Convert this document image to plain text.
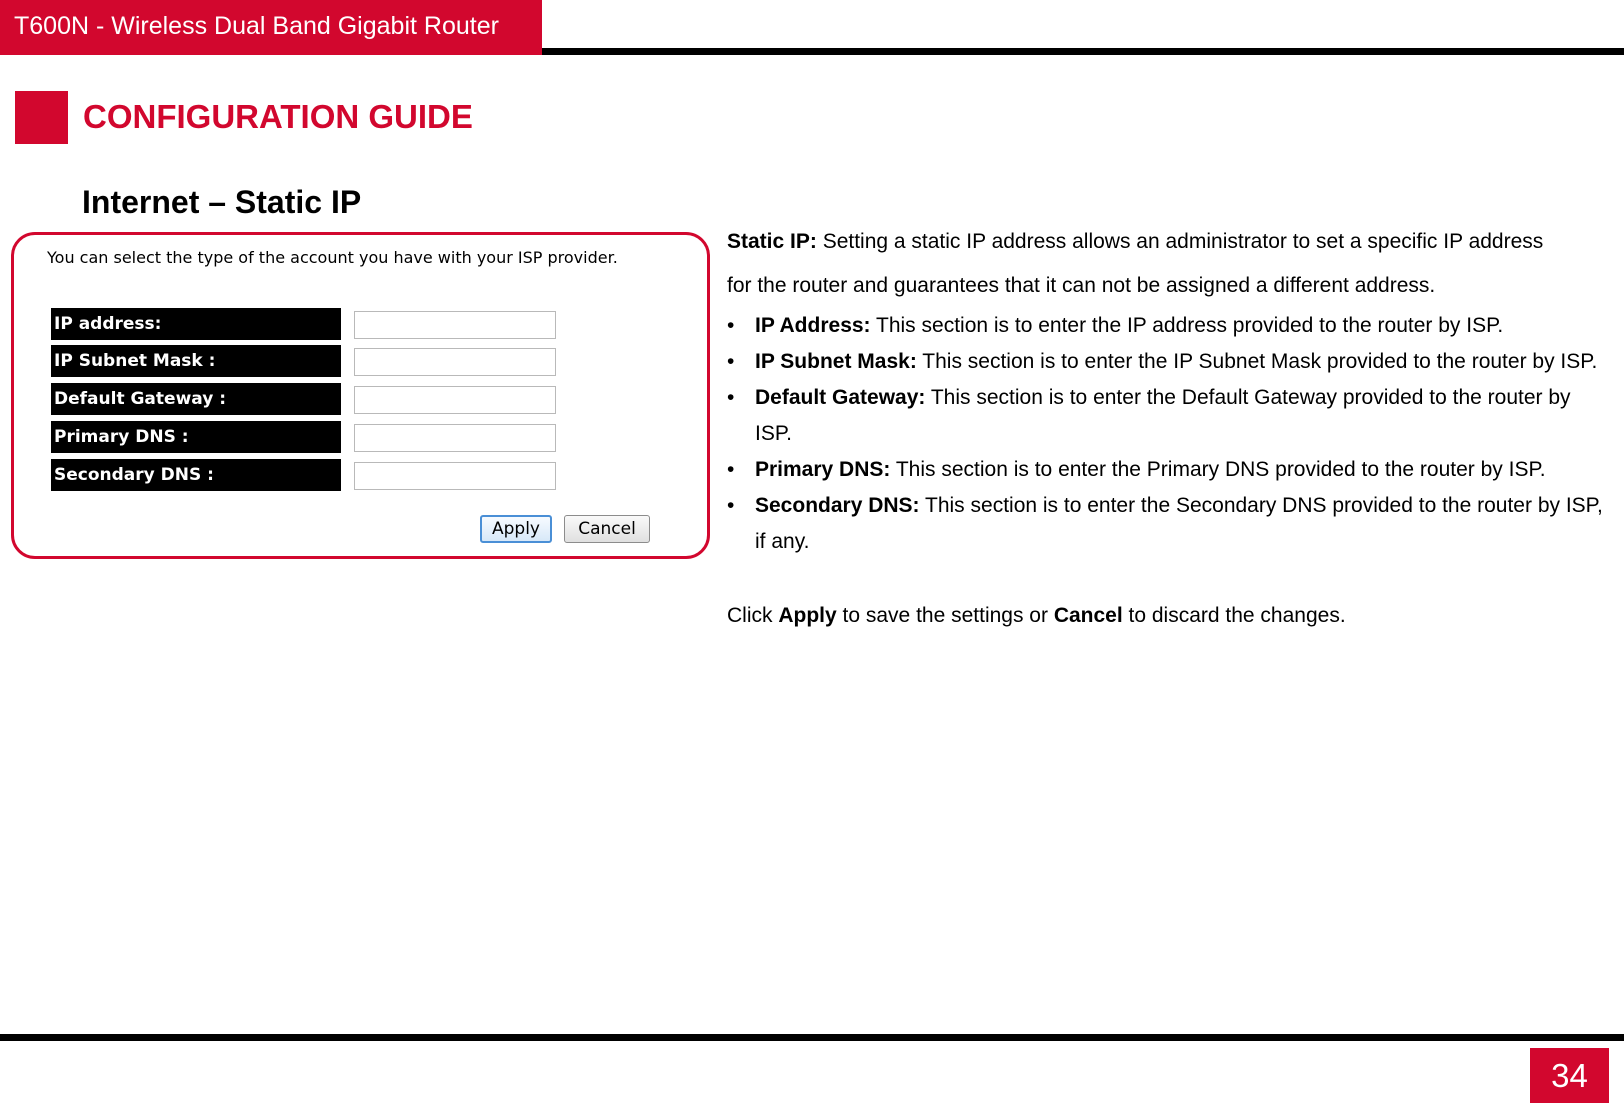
T600N - Wireless Dual Band Gigabit Router
CONFIGURATION GUIDE
Internet – Static IP
You can select the type of the account you have with your ISP provider.
IP address:
IP Subnet Mask :
Default Gateway :
Primary DNS :
Secondary DNS :
Apply	Cancel

Static IP: Setting a static IP address allows an administrator to set a specific IP address
for the router and guarantees that it can not be assigned a different address.

• IP Address: This section is to enter the IP address provided to the router by ISP.
• IP Subnet Mask: This section is to enter the IP Subnet Mask provided to the router by ISP.
• Default Gateway: This section is to enter the Default Gateway provided to the router by ISP.
• Primary DNS: This section is to enter the Primary DNS provided to the router by ISP.
• Secondary DNS: This section is to enter the Secondary DNS provided to the router by ISP, if any.

Click Apply to save the settings or Cancel to discard the changes.

34
